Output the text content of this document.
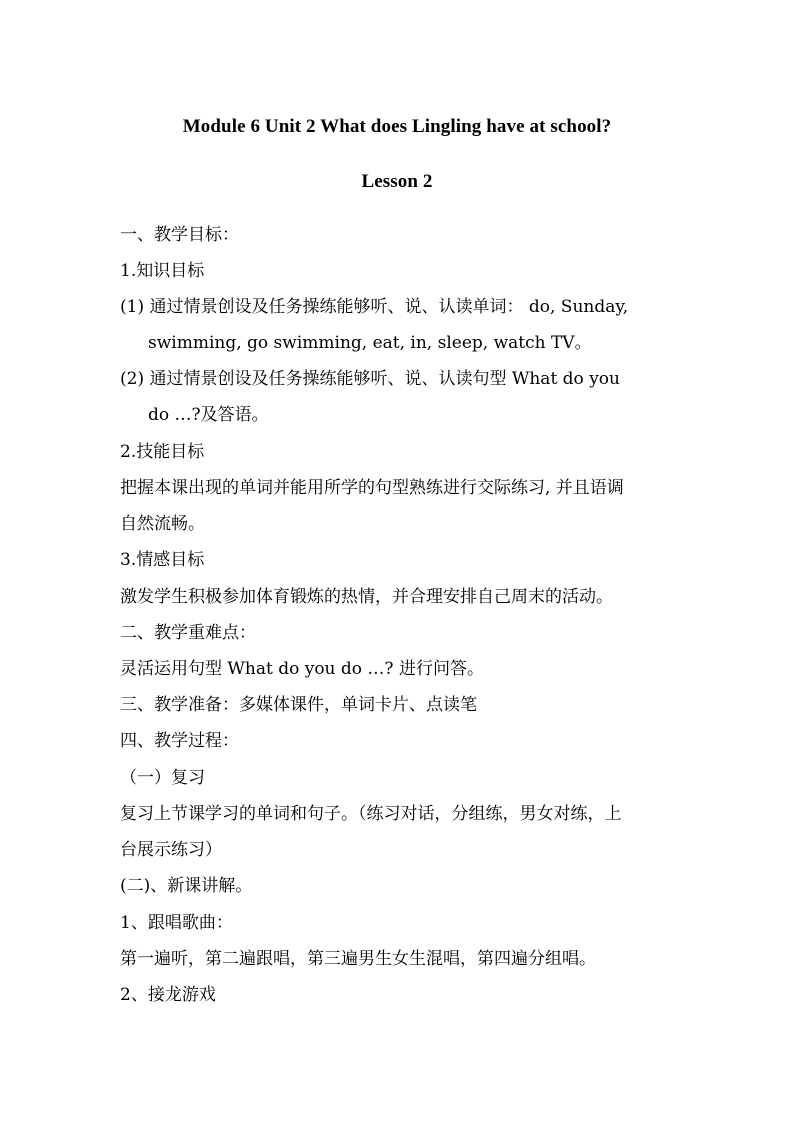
Module 6 Unit 2 What does Lingling have at school?
Lesson 2
一、教学目标：
1.知识目标
(1) 通过情景创设及任务操练能够听、说、认读单词： do, Sunday,
swimming, go swimming, eat, in, sleep, watch TV。
(2) 通过情景创设及任务操练能够听、说、认读句型 What do you
do …?及答语。
2.技能目标
把握本课出现的单词并能用所学的句型熟练进行交际练习, 并且语调
自然流畅。
3.情感目标
激发学生积极参加体育锻炼的热情，并合理安排自己周末的活动。
二、教学重难点：
灵活运用句型 What do you do …? 进行问答。
三、教学准备：多媒体课件，单词卡片、点读笔
四、教学过程：
（一）复习
复习上节课学习的单词和句子。（练习对话，分组练，男女对练，上
台展示练习）
(二)、新课讲解。
1、跟唱歌曲：
第一遍听，第二遍跟唱，第三遍男生女生混唱，第四遍分组唱。
2、接龙游戏
